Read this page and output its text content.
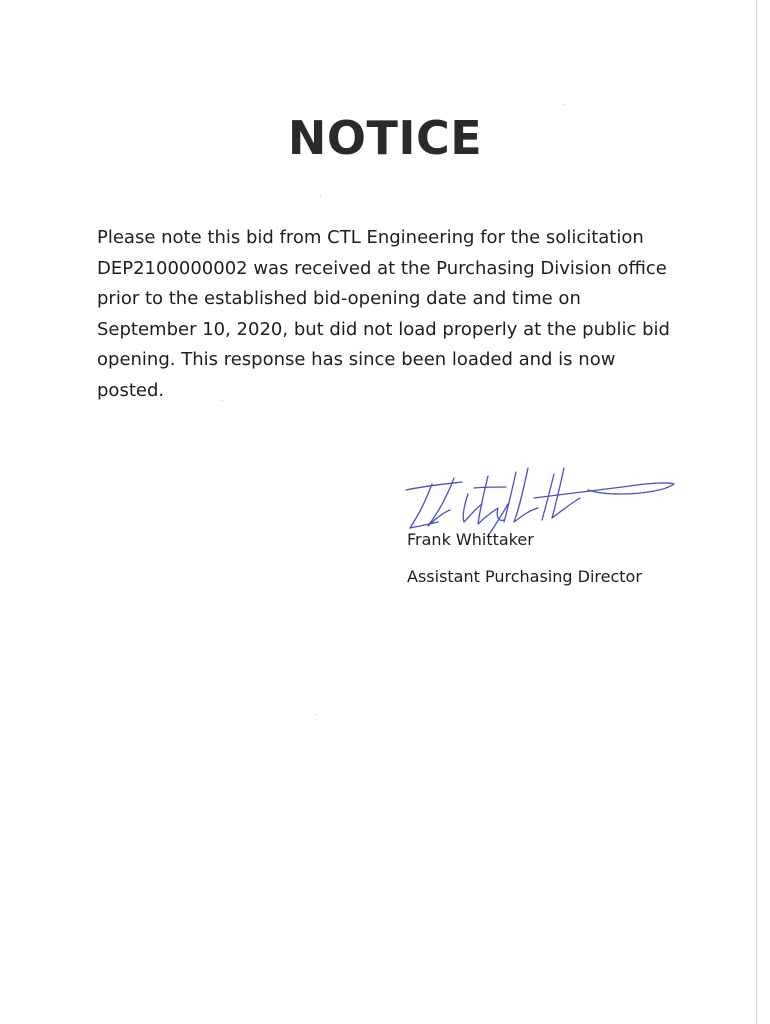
NOTICE

Please note this bid from CTL Engineering for the solicitation
DEP2100000002 was received at the Purchasing Division office
prior to the established bid-opening date and time on
September 10, 2020, but did not load properly at the public bid
opening. This response has since been loaded and is now
posted.

Frank Whittaker
Assistant Purchasing Director
